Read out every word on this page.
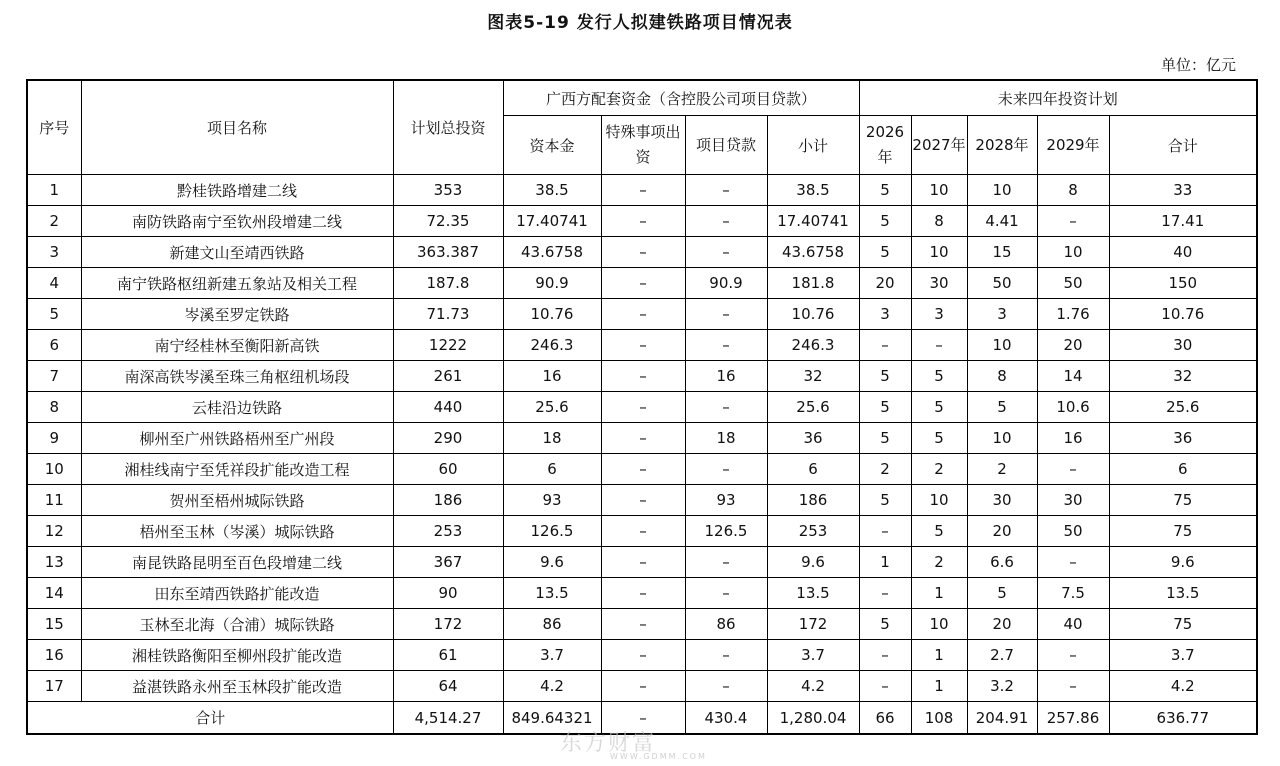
图表5-19 发行人拟建铁路项目情况表
单位：亿元
序号	项目名称	计划总投资	广西方配套资金（含控股公司项目贷款）				未来四年投资计划				
			资本金	特殊事项出资	项目贷款	小计	2026年	2027年	2028年	2029年	合计
1	黔桂铁路增建二线	353	38.5	–	–	38.5	5	10	10	8	33
2	南防铁路南宁至钦州段增建二线	72.35	17.40741	–	–	17.40741	5	8	4.41	–	17.41
3	新建文山至靖西铁路	363.387	43.6758	–	–	43.6758	5	10	15	10	40
4	南宁铁路枢纽新建五象站及相关工程	187.8	90.9	–	90.9	181.8	20	30	50	50	150
5	岑溪至罗定铁路	71.73	10.76	–	–	10.76	3	3	3	1.76	10.76
6	南宁经桂林至衡阳新高铁	1222	246.3	–	–	246.3	–	–	10	20	30
7	南深高铁岑溪至珠三角枢纽机场段	261	16	–	16	32	5	5	8	14	32
8	云桂沿边铁路	440	25.6	–	–	25.6	5	5	5	10.6	25.6
9	柳州至广州铁路梧州至广州段	290	18	–	18	36	5	5	10	16	36
10	湘桂线南宁至凭祥段扩能改造工程	60	6	–	–	6	2	2	2	–	6
11	贺州至梧州城际铁路	186	93	–	93	186	5	10	30	30	75
12	梧州至玉林（岑溪）城际铁路	253	126.5	–	126.5	253	–	5	20	50	75
13	南昆铁路昆明至百色段增建二线	367	9.6	–	–	9.6	1	2	6.6	–	9.6
14	田东至靖西铁路扩能改造	90	13.5	–	–	13.5	–	1	5	7.5	13.5
15	玉林至北海（合浦）城际铁路	172	86	–	86	172	5	10	20	40	75
16	湘桂铁路衡阳至柳州段扩能改造	61	3.7	–	–	3.7	–	1	2.7	–	3.7
17	益湛铁路永州至玉林段扩能改造	64	4.2	–	–	4.2	–	1	3.2	–	4.2
合计		4,514.27	849.64321	–	430.4	1,280.04	66	108	204.91	257.86	636.77
东方财富
WWW.GDMM.COM
